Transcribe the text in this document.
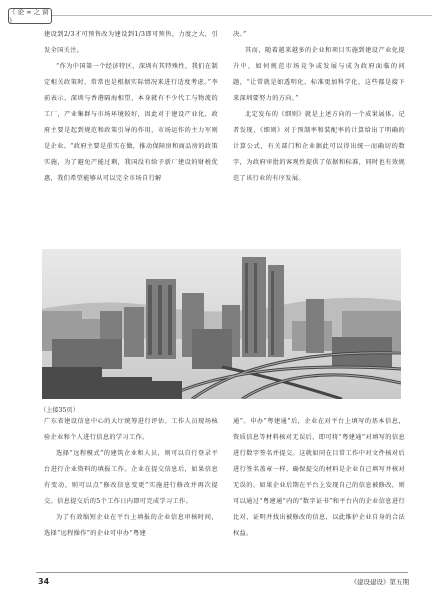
《 论 ∞ 之 窗 》

建设到2/3才可预售改为建设到1/3即可预售，力度之大，引发全国关注。

“作为中国第一个经济特区，深圳有其特殊性，我们在制定相关政策时，常常也是根据实际情况来进行适度考虑。”李前表示，深圳与香港隔海相望，本身就有不少代工与物流的工厂，产业集群与市场环境较好，因此对于建设产业化，政府主要是起到规范和政策引导的作用，市场运作的主力军则是企业。“政府主要是重实在做，推动保障房和商品房的政策实施，为了避免产能过剩，我国没有给予新厂建设的财税优惠，我们希望能够从可以完全市场自行解

决。”

其而，随着越来越多的企业和项目实施到建设产业化提升中，如何规范市场竞争或发展与成为政府面临的问题，“让常就是如透明化，标准更加科学化，这些都是接下来深圳要努力的方向。”

北定发布的《细则》就是上述方向的一个成果展体。记者发现，《细则》对于预制率和装配率的计算给出了明确的计算公式，有关部门和企业据此可以得出统一而确切的数字，为政府审批的客观性提供了依据和标准，同时也有效规范了该行业的有序发展。

（上接35页）

广东省建设信息中心的大厅统筹进行评估。工作人员现场核验企业和个人进行信息的学习工作。

选择“远程模式”的建筑企业和人员，则可以自行登录平台进行企业资料的填报工作。企业在提交信息后，如果信息有变动，则可以点“修改信息变更”实施进行修改并再次提交。信息提交后的5个工作日内即可完成学习工作。

为了有效缩短企业在平台上填报的企业信息审核时间，选择“远程操作”的企业可申办“粤建

通”。申办“粤建通”后，企业在对平台上填写的基本信息，资质信息等材料核对无误后，即可将“粤建通”对填写的信息进行数字签名并提交。这就如同在目常工作中对文件核对后进行签名盖章一样，确保提交的材料是企业自己填写并核对无误的。如果企业后期在平台上发现自己的信息被修改，则可以通过“粤建通”内的“数字证书”和平台内的企业信息进行比对，证明并找出被修改的信息，以此维护企业自身的合法权益。

34	《建设建设》第五期
